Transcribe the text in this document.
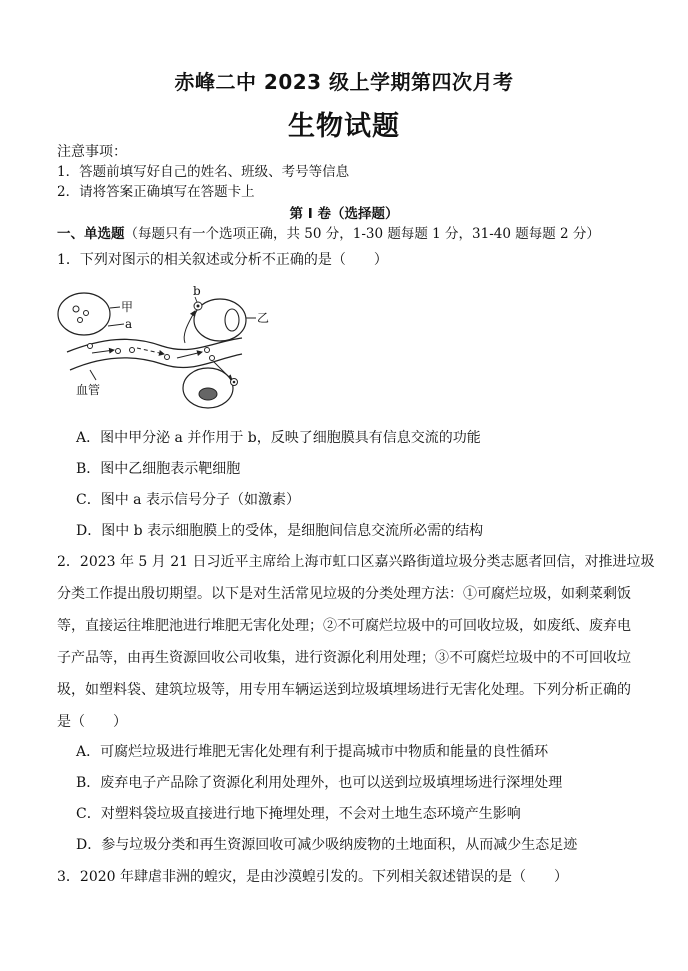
赤峰二中 2023 级上学期第四次月考
生物试题
注意事项：
1．答题前填写好自己的姓名、班级、考号等信息
2．请将答案正确填写在答题卡上
第 I 卷（选择题）
一、单选题（每题只有一个选项正确，共 50 分，1-30 题每题 1 分，31-40 题每题 2 分）
1．下列对图示的相关叙述或分析不正确的是（　　）
甲
a
b
乙
血管
A．图中甲分泌 a 并作用于 b，反映了细胞膜具有信息交流的功能
B．图中乙细胞表示靶细胞
C．图中 a 表示信号分子（如激素）
D．图中 b 表示细胞膜上的受体，是细胞间信息交流所必需的结构
2．2023 年 5 月 21 日习近平主席给上海市虹口区嘉兴路街道垃圾分类志愿者回信，对推进垃圾
分类工作提出殷切期望。以下是对生活常见垃圾的分类处理方法：①可腐烂垃圾，如剩菜剩饭
等，直接运往堆肥池进行堆肥无害化处理；②不可腐烂垃圾中的可回收垃圾，如废纸、废弃电
子产品等，由再生资源回收公司收集，进行资源化利用处理；③不可腐烂垃圾中的不可回收垃
圾，如塑料袋、建筑垃圾等，用专用车辆运送到垃圾填埋场进行无害化处理。下列分析正确的
是（　　）
A．可腐烂垃圾进行堆肥无害化处理有利于提高城市中物质和能量的良性循环
B．废弃电子产品除了资源化利用处理外，也可以送到垃圾填埋场进行深埋处理
C．对塑料袋垃圾直接进行地下掩埋处理，不会对土地生态环境产生影响
D．参与垃圾分类和再生资源回收可减少吸纳废物的土地面积，从而减少生态足迹
3．2020 年肆虐非洲的蝗灾，是由沙漠蝗引发的。下列相关叙述错误的是（　　）
